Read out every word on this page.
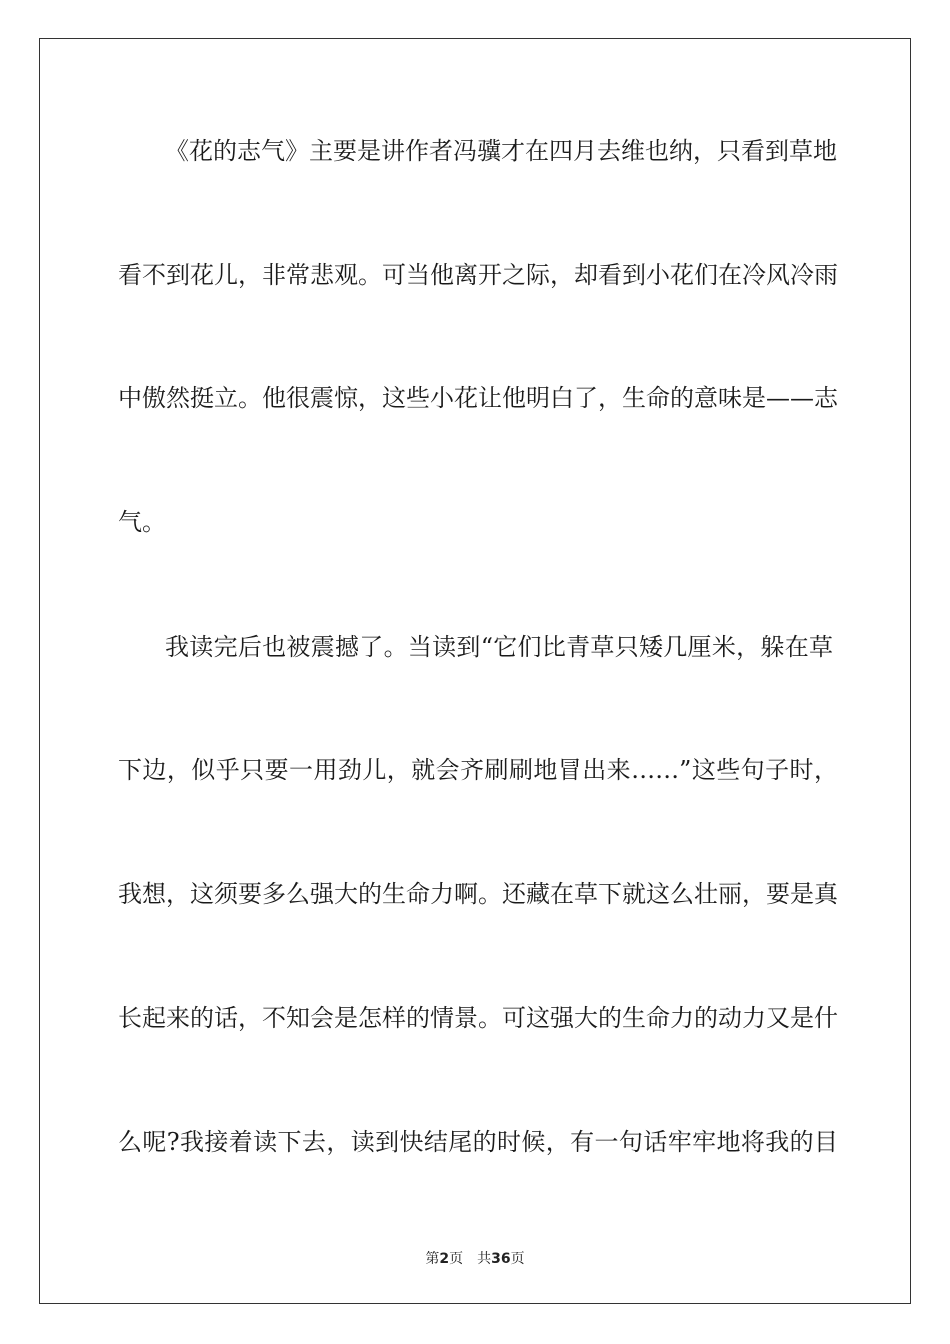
《花的志气》主要是讲作者冯骥才在四月去维也纳，只看到草地
看不到花儿，非常悲观。可当他离开之际，却看到小花们在冷风冷雨
中傲然挺立。他很震惊，这些小花让他明白了，生命的意味是——志
气。
我读完后也被震撼了。当读到“它们比青草只矮几厘米，躲在草
下边，似乎只要一用劲儿，就会齐刷刷地冒出来……”这些句子时，
我想，这须要多么强大的生命力啊。还藏在草下就这么壮丽，要是真
长起来的话，不知会是怎样的情景。可这强大的生命力的动力又是什
么呢?我接着读下去，读到快结尾的时候，有一句话牢牢地将我的目
第2页 共36页
